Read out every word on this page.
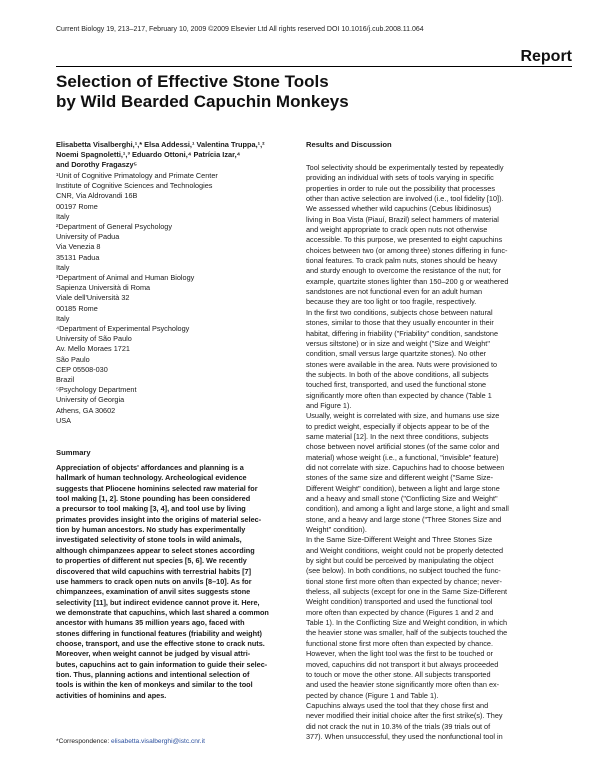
Current Biology 19, 213–217, February 10, 2009 ©2009 Elsevier Ltd All rights reserved DOI 10.1016/j.cub.2008.11.064
Report
Selection of Effective Stone Tools
by Wild Bearded Capuchin Monkeys
Elisabetta Visalberghi,¹,* Elsa Addessi,¹ Valentina Truppa,¹,²
Noemi Spagnoletti,¹,³ Eduardo Ottoni,⁴ Patrícia Izar,⁴
and Dorothy Fragaszy⁵
¹Unit of Cognitive Primatology and Primate Center
Institute of Cognitive Sciences and Technologies
CNR, Via Aldrovandi 16B
00197 Rome
Italy
²Department of General Psychology
University of Padua
Via Venezia 8
35131 Padua
Italy
³Department of Animal and Human Biology
Sapienza Università di Roma
Viale dell'Università 32
00185 Rome
Italy
⁴Department of Experimental Psychology
University of São Paulo
Av. Mello Moraes 1721
São Paulo
CEP 05508-030
Brazil
⁵Psychology Department
University of Georgia
Athens, GA 30602
USA
Summary
Appreciation of objects' affordances and planning is a
hallmark of human technology. Archeological evidence
suggests that Pliocene hominins selected raw material for
tool making [1, 2]. Stone pounding has been considered
a precursor to tool making [3, 4], and tool use by living
primates provides insight into the origins of material selec-
tion by human ancestors. No study has experimentally
investigated selectivity of stone tools in wild animals,
although chimpanzees appear to select stones according
to properties of different nut species [5, 6]. We recently
discovered that wild capuchins with terrestrial habits [7]
use hammers to crack open nuts on anvils [8–10]. As for
chimpanzees, examination of anvil sites suggests stone
selectivity [11], but indirect evidence cannot prove it. Here,
we demonstrate that capuchins, which last shared a common
ancestor with humans 35 million years ago, faced with
stones differing in functional features (friability and weight)
choose, transport, and use the effective stone to crack nuts.
Moreover, when weight cannot be judged by visual attri-
butes, capuchins act to gain information to guide their selec-
tion. Thus, planning actions and intentional selection of
tools is within the ken of monkeys and similar to the tool
activities of hominins and apes.
Results and Discussion
Tool selectivity should be experimentally tested by repeatedly
providing an individual with sets of tools varying in specific
properties in order to rule out the possibility that processes
other than active selection are involved (i.e., tool fidelity [10]).
We assessed whether wild capuchins (Cebus libidinosus)
living in Boa Vista (Piauí, Brazil) select hammers of material
and weight appropriate to crack open nuts not otherwise
accessible. To this purpose, we presented to eight capuchins
choices between two (or among three) stones differing in func-
tional features. To crack palm nuts, stones should be heavy
and sturdy enough to overcome the resistance of the nut; for
example, quartzite stones lighter than 150–200 g or weathered
sandstones are not functional even for an adult human
because they are too light or too fragile, respectively.
In the first two conditions, subjects chose between natural
stones, similar to those that they usually encounter in their
habitat, differing in friability ("Friability" condition, sandstone
versus siltstone) or in size and weight ("Size and Weight"
condition, small versus large quartzite stones). No other
stones were available in the area. Nuts were provisioned to
the subjects. In both of the above conditions, all subjects
touched first, transported, and used the functional stone
significantly more often than expected by chance (Table 1
and Figure 1).
Usually, weight is correlated with size, and humans use size
to predict weight, especially if objects appear to be of the
same material [12]. In the next three conditions, subjects
chose between novel artificial stones (of the same color and
material) whose weight (i.e., a functional, "invisible" feature)
did not correlate with size. Capuchins had to choose between
stones of the same size and different weight ("Same Size-
Different Weight" condition), between a light and large stone
and a heavy and small stone ("Conflicting Size and Weight"
condition), and among a light and large stone, a light and small
stone, and a heavy and large stone ("Three Stones Size and
Weight" condition).
In the Same Size-Different Weight and Three Stones Size
and Weight conditions, weight could not be properly detected
by sight but could be perceived by manipulating the object
(see below). In both conditions, no subject touched the func-
tional stone first more often than expected by chance; never-
theless, all subjects (except for one in the Same Size-Different
Weight condition) transported and used the functional tool
more often than expected by chance (Figures 1 and 2 and
Table 1). In the Conflicting Size and Weight condition, in which
the heavier stone was smaller, half of the subjects touched the
functional stone first more often than expected by chance.
However, when the light tool was the first to be touched or
moved, capuchins did not transport it but always proceeded
to touch or move the other stone. All subjects transported
and used the heavier stone significantly more often than ex-
pected by chance (Figure 1 and Table 1).
Capuchins always used the tool that they chose first and
never modified their initial choice after the first strike(s). They
did not crack the nut in 10.3% of the trials (39 trials out of
377). When unsuccessful, they used the nonfunctional tool in
*Correspondence: elisabetta.visalberghi@istc.cnr.it
